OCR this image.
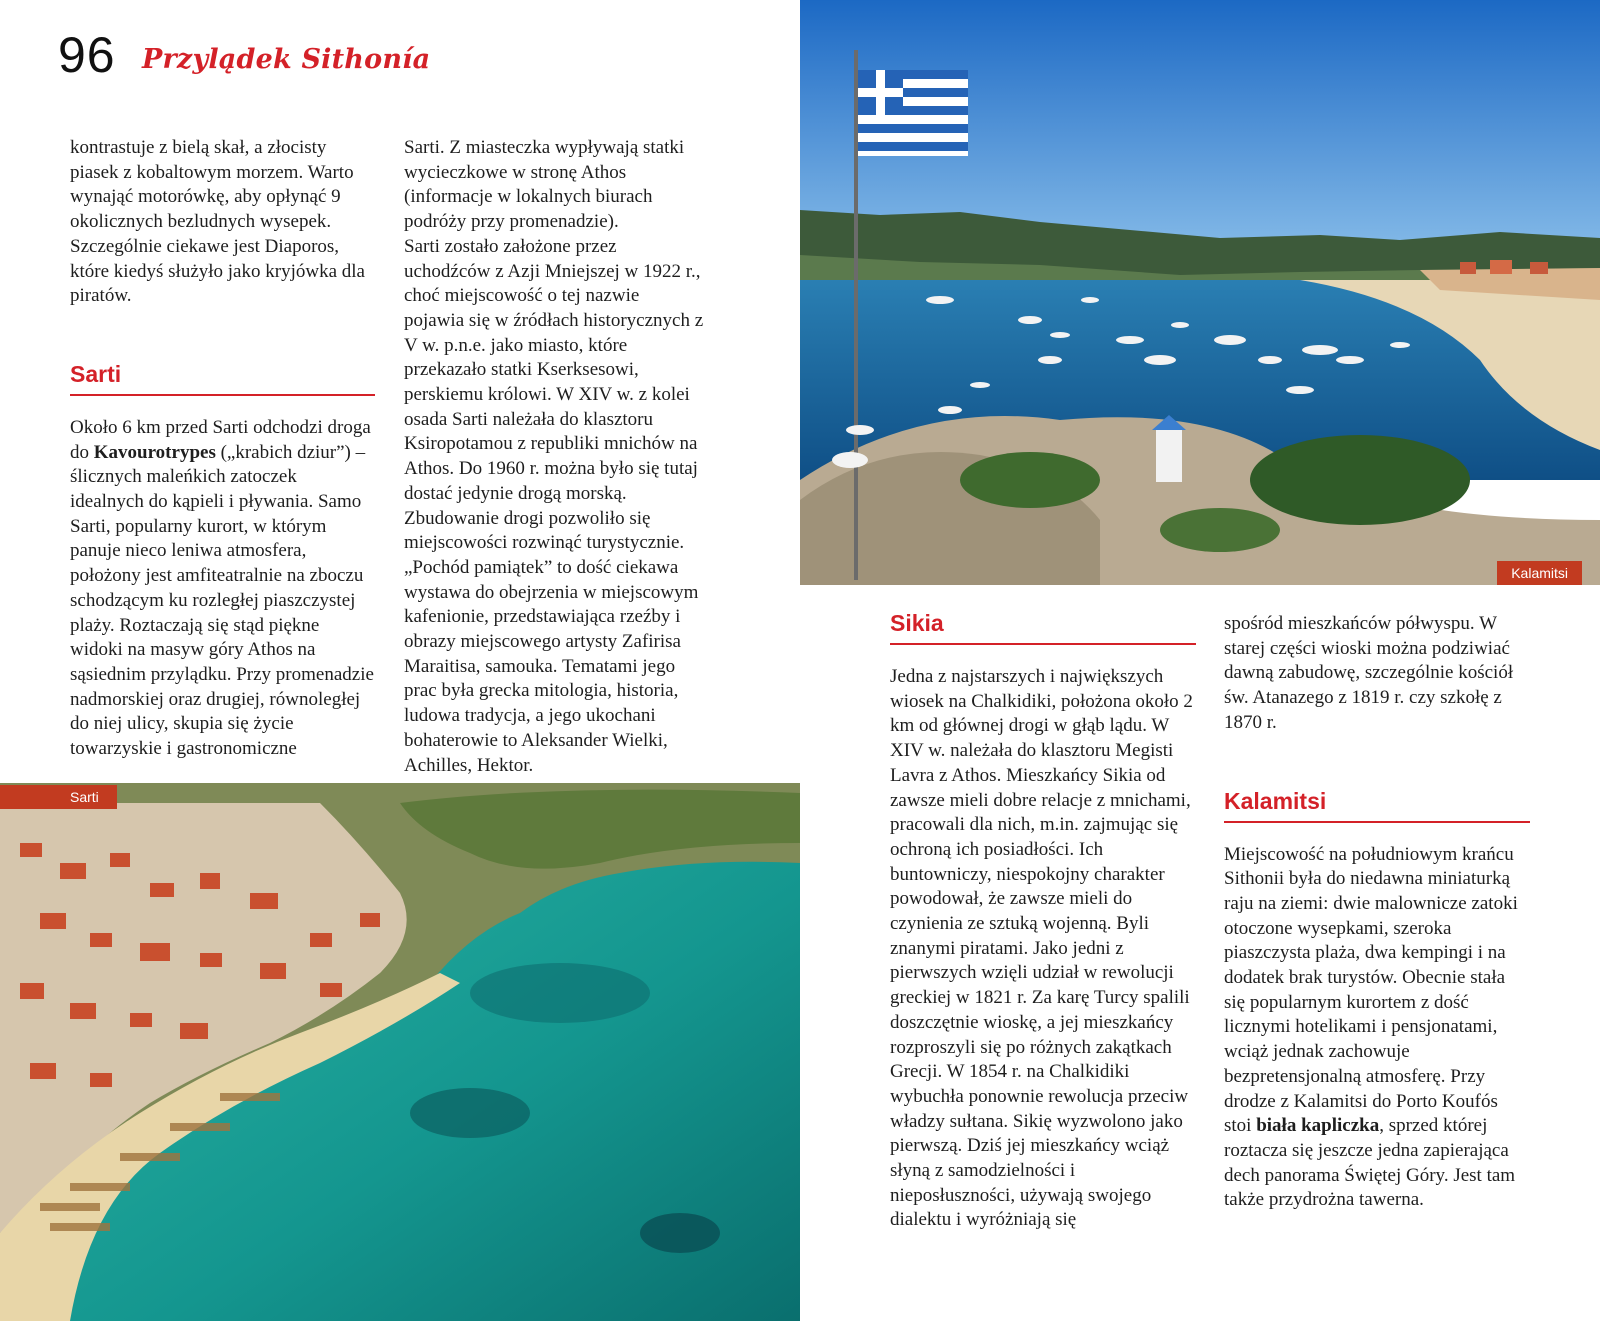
96 Przylądek Sithonía

kontrastuje z bielą skał, a złocisty piasek z kobaltowym morzem. Warto wynająć motorówkę, aby opłynąć 9 okolicznych bezludnych wysepek. Szczególnie ciekawe jest Diaporos, które kiedyś służyło jako kryjówka dla piratów.

Sarti

Około 6 km przed Sarti odchodzi droga do Kavourotrypes („krabich dziur”) – ślicznych maleńkich zatoczek idealnych do kąpieli i pływania. Samo Sarti, popularny kurort, w którym panuje nieco leniwa atmosfera, położony jest amfiteatralnie na zboczu schodzącym ku rozległej piaszczystej plaży. Roztaczają się stąd piękne widoki na masyw góry Athos na sąsiednim przylądku. Przy promenadzie nadmorskiej oraz drugiej, równoległej do niej ulicy, skupia się życie towarzyskie i gastronomiczne

Sarti. Z miasteczka wypływają statki wycieczkowe w stronę Athos (informacje w lokalnych biurach podróży przy promenadzie).
Sarti zostało założone przez uchodźców z Azji Mniejszej w 1922 r., choć miejscowość o tej nazwie pojawia się w źródłach historycznych z V w. p.n.e. jako miasto, które przekazało statki Kserksesowi, perskiemu królowi. W XIV w. z kolei osada Sarti należała do klasztoru Ksiropotamou z republiki mnichów na Athos. Do 1960 r. można było się tutaj dostać jedynie drogą morską. Zbudowanie drogi pozwoliło się miejscowości rozwinąć turystycznie. „Pochód pamiątek” to dość ciekawa wystawa do obejrzenia w miejscowym kafenionie, przedstawiająca rzeźby i obrazy miejscowego artysty Zafirisa Maraitisa, samouka. Tematami jego prac była grecka mitologia, historia, ludowa tradycja, a jego ukochani bohaterowie to Aleksander Wielki, Achilles, Hektor.

Kalamitsi
Sikia

Jedna z najstarszych i największych wiosek na Chalkidiki, położona około 2 km od głównej drogi w głąb lądu. W XIV w. należała do klasztoru Megisti Lavra z Athos. Mieszkańcy Sikia od zawsze mieli dobre relacje z mnichami, pracowali dla nich, m.in. zajmując się ochroną ich posiadłości. Ich buntowniczy, niespokojny charakter powodował, że zawsze mieli do czynienia ze sztuką wojenną. Byli znanymi piratami. Jako jedni z pierwszych wzięli udział w rewolucji greckiej w 1821 r. Za karę Turcy spalili doszczętnie wioskę, a jej mieszkańcy rozproszyli się po różnych zakątkach Grecji. W 1854 r. na Chalkidiki wybuchła ponownie rewolucja przeciw władzy sułtana. Sikię wyzwolono jako pierwszą. Dziś jej mieszkańcy wciąż słyną z samodzielności i nieposłuszności, używają swojego dialektu i wyróżniają się

spośród mieszkańców półwyspu. W starej części wioski można podziwiać dawną zabudowę, szczególnie kościół św. Atanazego z 1819 r. czy szkołę z 1870 r.

Kalamitsi

Miejscowość na południowym krańcu Sithonii była do niedawna miniaturką raju na ziemi: dwie malownicze zatoki otoczone wysepkami, szeroka piaszczysta plaża, dwa kempingi i na dodatek brak turystów. Obecnie stała się popularnym kurortem z dość licznymi hotelikami i pensjonatami, wciąż jednak zachowuje bezpretensjonalną atmosferę. Przy drodze z Kalamitsi do Porto Koufós stoi biała kapliczka, sprzed której roztacza się jeszcze jedna zapierająca dech panorama Świętej Góry. Jest tam także przydrożna tawerna.

Sarti
